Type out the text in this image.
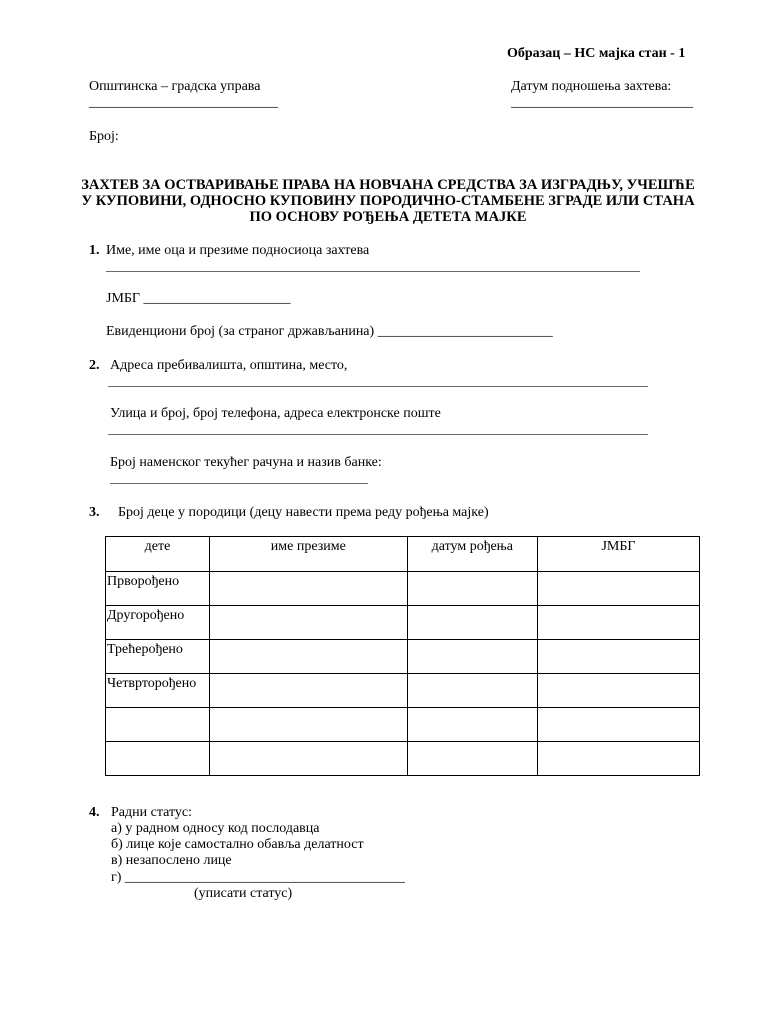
Образац – НС мајка стан - 1
Општинска – градска управа
___________________________
Датум подношења захтева:
__________________________
Број:
ЗАХТЕВ ЗА ОСТВАРИВАЊЕ ПРАВА НА НОВЧАНА СРЕДСТВА ЗА ИЗГРАДЊУ, УЧЕШЋЕ
У КУПОВИНИ, ОДНОСНО КУПОВИНУ ПОРОДИЧНО-СТАМБЕНЕ ЗГРАДЕ ИЛИ СТАНА
ПО ОСНОВУ РОЂЕЊА ДЕТЕТА МАЈКЕ
1. Име, име оца и презиме подносиоца захтева
_________________________________________________________________________________________
ЈМБГ _____________________
Евиденциони број (за страног држављанина) _________________________
2. Адреса пребивалишта, општина, место,
__________________________________________________________________________________________
Улица и број, број телефона, адреса електронске поште
__________________________________________________________________________________________
Број наменског текућег рачуна и назив банке:
___________________________________________
3. Број деце у породици (децу навести према реду рођења мајке)
дете	име презиме	датум рођења	ЈМБГ
Прворођено			
Другорођено			
Трећерођено			
Четврторођено			

4. Радни статус:
а) у радном односу код послодавца
б) лице које самостално обавља делатност
в) незапослено лице
г) ________________________________________
(уписати статус)
